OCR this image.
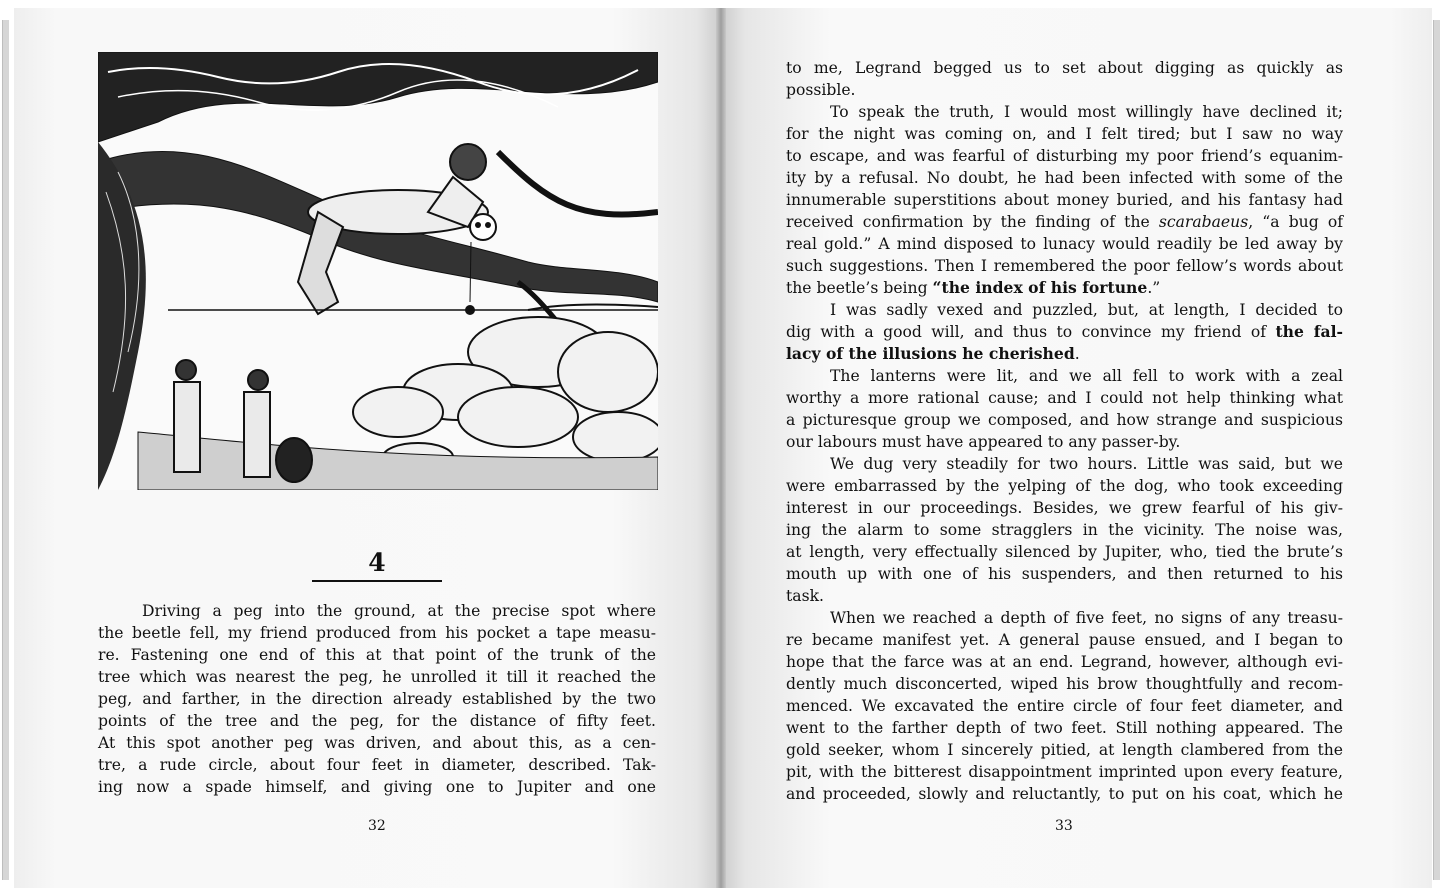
4
Driving a peg into the ground, at the precise spot where
the beetle fell, my friend produced from his pocket a tape measu-
re. Fastening one end of this at that point of the trunk of the
tree which was nearest the peg, he unrolled it till it reached the
peg, and farther, in the direction already established by the two
points of the tree and the peg, for the distance of fifty feet.
At this spot another peg was driven, and about this, as a cen-
tre, a rude circle, about four feet in diameter, described. Tak-
ing now a spade himself, and giving one to Jupiter and one
to me, Legrand begged us to set about digging as quickly as
possible.
To speak the truth, I would most willingly have declined it;
for the night was coming on, and I felt tired; but I saw no way
to escape, and was fearful of disturbing my poor friend’s equanim-
ity by a refusal. No doubt, he had been infected with some of the
innumerable superstitions about money buried, and his fantasy had
received confirmation by the finding of the scarabaeus, “a bug of
real gold.” A mind disposed to lunacy would readily be led away by
such suggestions. Then I remembered the poor fellow’s words about
the beetle’s being “the index of his fortune.”
I was sadly vexed and puzzled, but, at length, I decided to
dig with a good will, and thus to convince my friend of the fal-
lacy of the illusions he cherished.
The lanterns were lit, and we all fell to work with a zeal
worthy a more rational cause; and I could not help thinking what
a picturesque group we composed, and how strange and suspicious
our labours must have appeared to any passer-by.
We dug very steadily for two hours. Little was said, but we
were embarrassed by the yelping of the dog, who took exceeding
interest in our proceedings. Besides, we grew fearful of his giv-
ing the alarm to some stragglers in the vicinity. The noise was,
at length, very effectually silenced by Jupiter, who, tied the brute’s
mouth up with one of his suspenders, and then returned to his
task.
When we reached a depth of five feet, no signs of any treasu-
re became manifest yet. A general pause ensued, and I began to
hope that the farce was at an end. Legrand, however, although evi-
dently much disconcerted, wiped his brow thoughtfully and recom-
menced. We excavated the entire circle of four feet diameter, and
went to the farther depth of two feet. Still nothing appeared. The
gold seeker, whom I sincerely pitied, at length clambered from the
pit, with the bitterest disappointment imprinted upon every feature,
and proceeded, slowly and reluctantly, to put on his coat, which he
32	33
